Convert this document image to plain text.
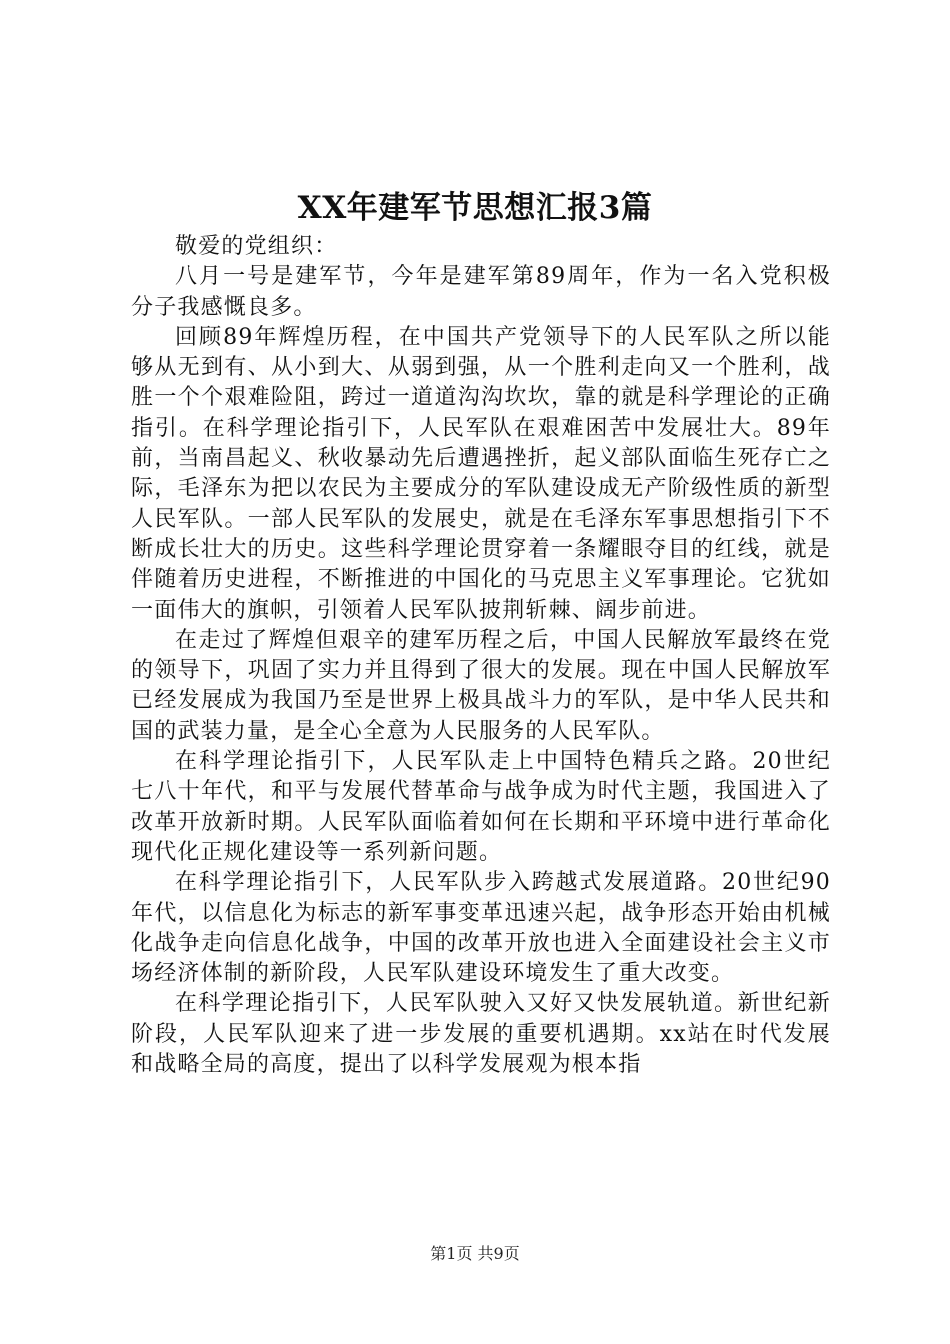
XX年建军节思想汇报3篇

敬爱的党组织：

八月一号是建军节，今年是建军第89周年，作为一名入党积极分子我感慨良多。

回顾89年辉煌历程，在中国共产党领导下的人民军队之所以能够从无到有、从小到大、从弱到强，从一个胜利走向又一个胜利，战胜一个个艰难险阻，跨过一道道沟沟坎坎，靠的就是科学理论的正确指引。在科学理论指引下，人民军队在艰难困苦中发展壮大。89年前，当南昌起义、秋收暴动先后遭遇挫折，起义部队面临生死存亡之际，毛泽东为把以农民为主要成分的军队建设成无产阶级性质的新型人民军队。一部人民军队的发展史，就是在毛泽东军事思想指引下不断成长壮大的历史。这些科学理论贯穿着一条耀眼夺目的红线，就是伴随着历史进程，不断推进的中国化的马克思主义军事理论。它犹如一面伟大的旗帜，引领着人民军队披荆斩棘、阔步前进。

在走过了辉煌但艰辛的建军历程之后，中国人民解放军最终在党的领导下，巩固了实力并且得到了很大的发展。现在中国人民解放军已经发展成为我国乃至是世界上极具战斗力的军队，是中华人民共和国的武装力量，是全心全意为人民服务的人民军队。

在科学理论指引下，人民军队走上中国特色精兵之路。20世纪七八十年代，和平与发展代替革命与战争成为时代主题，我国进入了改革开放新时期。人民军队面临着如何在长期和平环境中进行革命化现代化正规化建设等一系列新问题。

在科学理论指引下，人民军队步入跨越式发展道路。20世纪90年代，以信息化为标志的新军事变革迅速兴起，战争形态开始由机械化战争走向信息化战争，中国的改革开放也进入全面建设社会主义市场经济体制的新阶段，人民军队建设环境发生了重大改变。

在科学理论指引下，人民军队驶入又好又快发展轨道。新世纪新阶段，人民军队迎来了进一步发展的重要机遇期。xx站在时代发展和战略全局的高度，提出了以科学发展观为根本指

第1页 共9页
